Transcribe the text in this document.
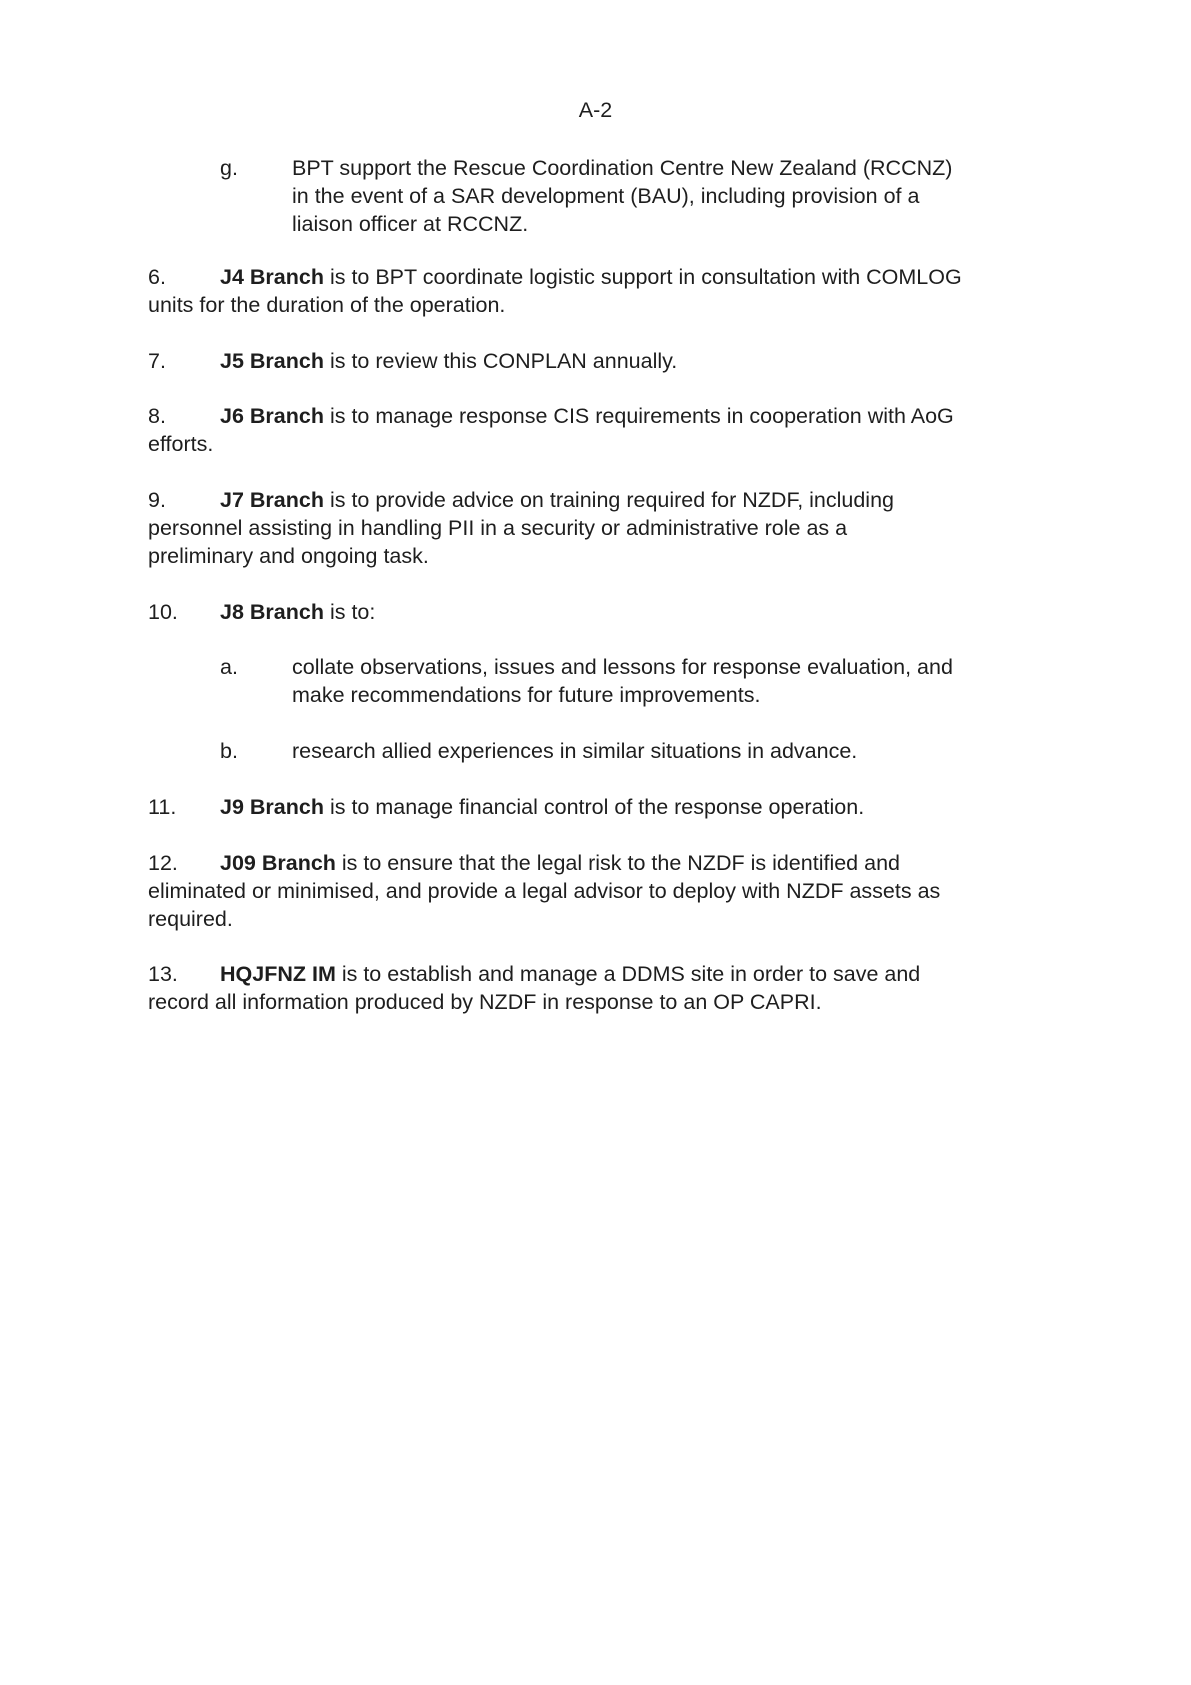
A-2
g.	BPT support the Rescue Coordination Centre New Zealand (RCCNZ)
in the event of a SAR development (BAU), including provision of a
liaison officer at RCCNZ.
6.	J4 Branch is to BPT coordinate logistic support in consultation with COMLOG
units for the duration of the operation.
7.	J5 Branch is to review this CONPLAN annually.
8.	J6 Branch is to manage response CIS requirements in cooperation with AoG
efforts.
9.	J7 Branch is to provide advice on training required for NZDF, including
personnel assisting in handling PII in a security or administrative role as a
preliminary and ongoing task.
10.	J8 Branch is to:
a.	collate observations, issues and lessons for response evaluation, and
make recommendations for future improvements.
b.	research allied experiences in similar situations in advance.
11.	J9 Branch is to manage financial control of the response operation.
12.	J09 Branch is to ensure that the legal risk to the NZDF is identified and
eliminated or minimised, and provide a legal advisor to deploy with NZDF assets as
required.
13.	HQJFNZ IM is to establish and manage a DDMS site in order to save and
record all information produced by NZDF in response to an OP CAPRI.
